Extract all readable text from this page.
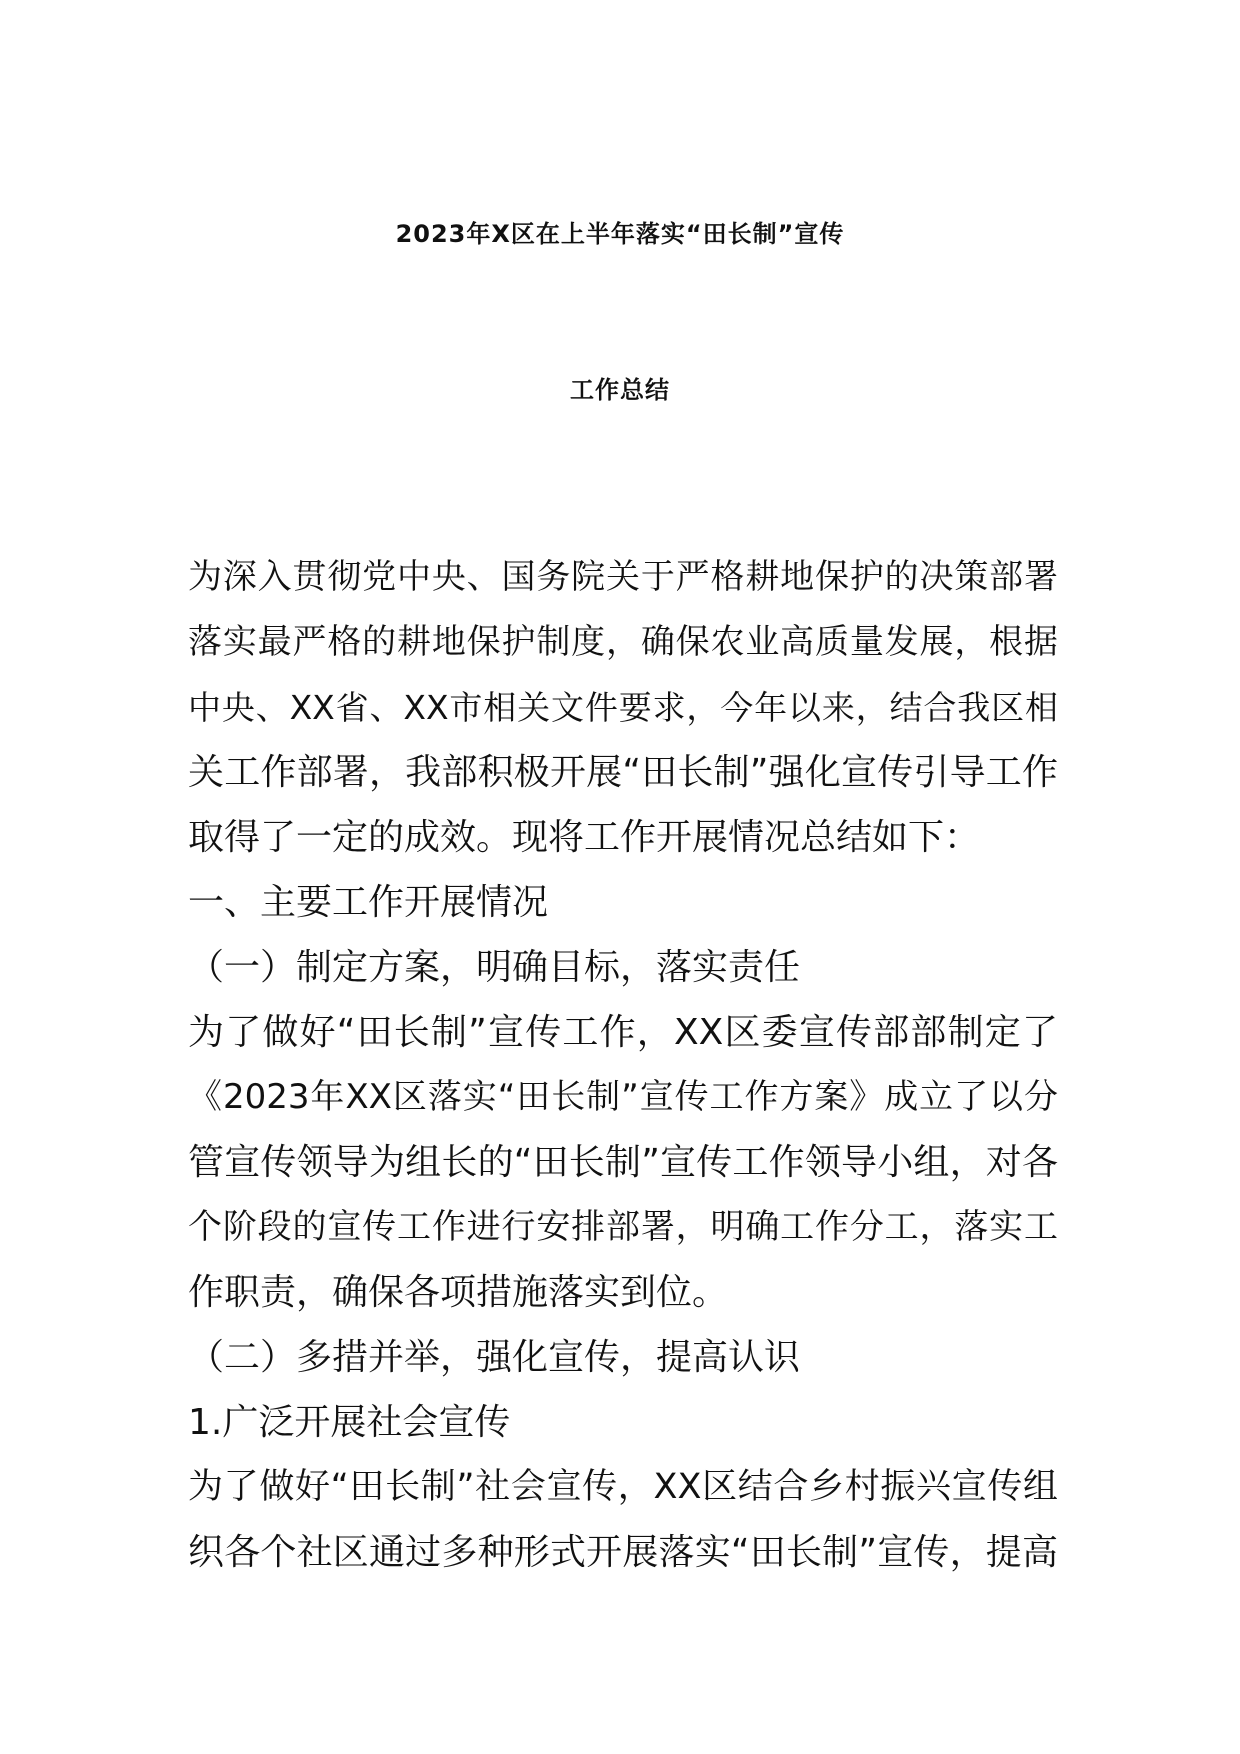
2023年X区在上半年落实“田长制”宣传
工作总结
为深入贯彻党中央、国务院关于严格耕地保护的决策部署
落实最严格的耕地保护制度，确保农业高质量发展，根据
中央、XX省、XX市相关文件要求，今年以来，结合我区相
关工作部署，我部积极开展“田长制”强化宣传引导工作
取得了一定的成效。现将工作开展情况总结如下：
一、主要工作开展情况
（一）制定方案，明确目标，落实责任
为了做好“田长制”宣传工作，XX区委宣传部部制定了
《2023年XX区落实“田长制”宣传工作方案》成立了以分
管宣传领导为组长的“田长制”宣传工作领导小组，对各
个阶段的宣传工作进行安排部署，明确工作分工，落实工
作职责，确保各项措施落实到位。
（二）多措并举，强化宣传，提高认识
1.广泛开展社会宣传
为了做好“田长制”社会宣传，XX区结合乡村振兴宣传组
织各个社区通过多种形式开展落实“田长制”宣传，提高
